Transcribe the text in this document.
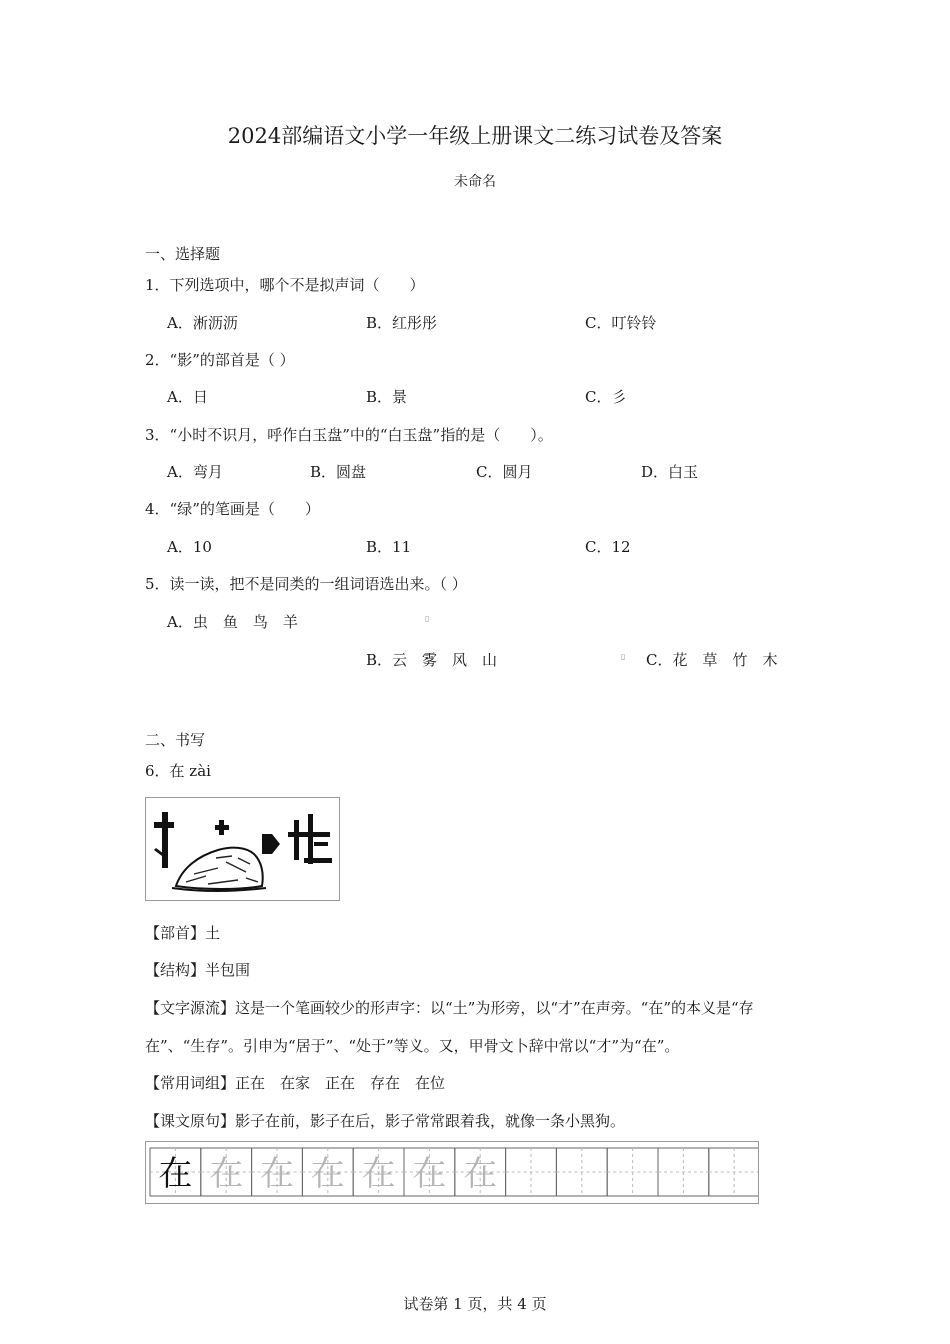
2024部编语文小学一年级上册课文二练习试卷及答案
未命名
一、选择题
1．下列选项中，哪个不是拟声词（　　）
A．淅沥沥	B．红彤彤	C．叮铃铃
2．“影”的部首是（ ）
A．日	B．景	C．彡
3．“小时不识月，呼作白玉盘”中的“白玉盘”指的是（　　）。
A．弯月	B．圆盘	C．圆月	D．白玉
4．“绿”的笔画是（　　）
A．10	B．11	C．12
5．读一读，把不是同类的一组词语选出来。（ ）
A．虫　鱼　鸟　羊	▯
B．云　雾　风　山	▯ C．花　草　竹　木
二、书写
6．在 zài
【部首】土
【结构】半包围
【文字源流】这是一个笔画较少的形声字：以“土”为形旁，以“才”在声旁。“在”的本义是“存
在”、“生存”。引申为“居于”、“处于”等义。又，甲骨文卜辞中常以“才”为“在”。
【常用词组】正在　在家　正在　存在　在位
【课文原句】影子在前，影子在后，影子常常跟着我，就像一条小黑狗。
在 在 在 在 在 在 在
试卷第 1 页，共 4 页
